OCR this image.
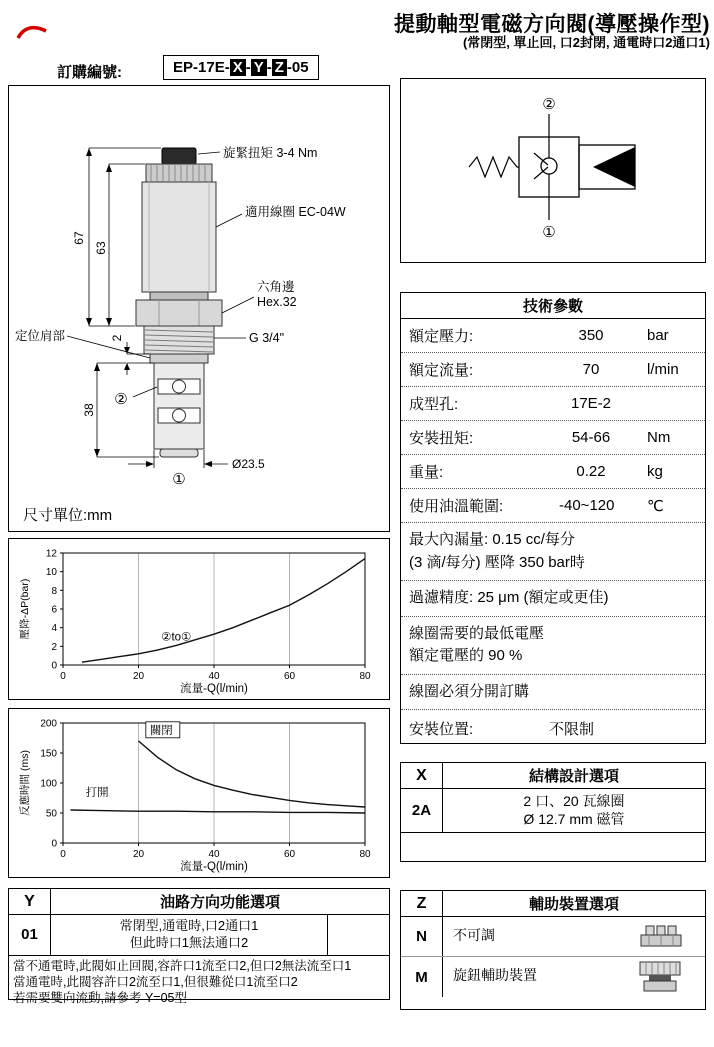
提動軸型電磁方向閥(導壓操作型)
(常閉型, 單止回, 口2封閉, 通電時口2通口1)
訂購編號:	EP-17E- X - Y - Z -05
67
63
2
38
Ø23.5
②
①
旋緊扭矩 3-4 Nm
適用線圈 EC-04W
六角邊
Hex.32
G 3/4"
定位肩部
尺寸單位:mm
0	20	40	60	80
0
2
4
6
8
10
12
②to①
流量-Q(l/min)
壓降-ΔP(bar)
0	20	40	60	80
0
50
100
150
200
關閉
打開
流量-Q(l/min)
反應時間 (ms)
Y	油路方向功能選項
01
常閉型,通電時,口2通口1
但此時口1無法通口2
當不通電時,此閥如止回閥,容許口1流至口2,但口2無法流至口1
當通電時,此閥容許口2流至口1,但很難從口1流至口2
若需要雙向流動,請參考 Y=05型
②
①
技術參數
額定壓力:	350	bar
額定流量:	70	l/min
成型孔:	17E-2
安裝扭矩:	54-66	Nm
重量:	0.22	kg
使用油溫範圍:	-40~120	℃
最大內漏量: 0.15 cc/每分
(3 滴/每分) 壓降 350 bar時
過濾精度: 25 μm (額定或更佳)
線圈需要的最低電壓
額定電壓的 90 %
線圈必須分開訂購
安裝位置:	不限制
X	結構設計選項
2A
2 口、20 瓦線圈
Ø 12.7 mm 磁管
Z	輔助裝置選項
N	不可調
M	旋鈕輔助裝置
